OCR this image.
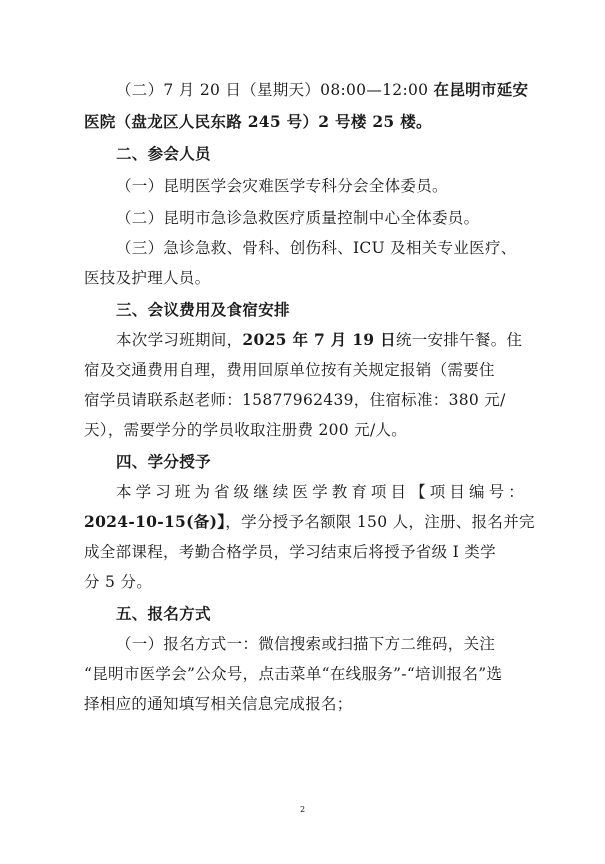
（二）7 月 20 日（星期天）08:00—12:00 在昆明市延安
医院（盘龙区人民东路 245 号）2 号楼 25 楼。
二、参会人员
（一）昆明医学会灾难医学专科分会全体委员。
（二）昆明市急诊急救医疗质量控制中心全体委员。
（三）急诊急救、骨科、创伤科、ICU 及相关专业医疗、
医技及护理人员。
三、会议费用及食宿安排
本次学习班期间，2025 年 7 月 19 日统一安排午餐。住
宿及交通费用自理，费用回原单位按有关规定报销（需要住
宿学员请联系赵老师：15877962439，住宿标准：380 元/
天），需要学分的学员收取注册费 200 元/人。
四、学分授予
本学习班为省级继续医学教育项目【项目编号：
2024-10-15(备)】，学分授予名额限 150 人，注册、报名并完
成全部课程，考勤合格学员，学习结束后将授予省级 I 类学
分 5 分。
五、报名方式
（一）报名方式一：微信搜索或扫描下方二维码，关注
“昆明市医学会”公众号，点击菜单“在线服务”-“培训报名”选
择相应的通知填写相关信息完成报名；
2
